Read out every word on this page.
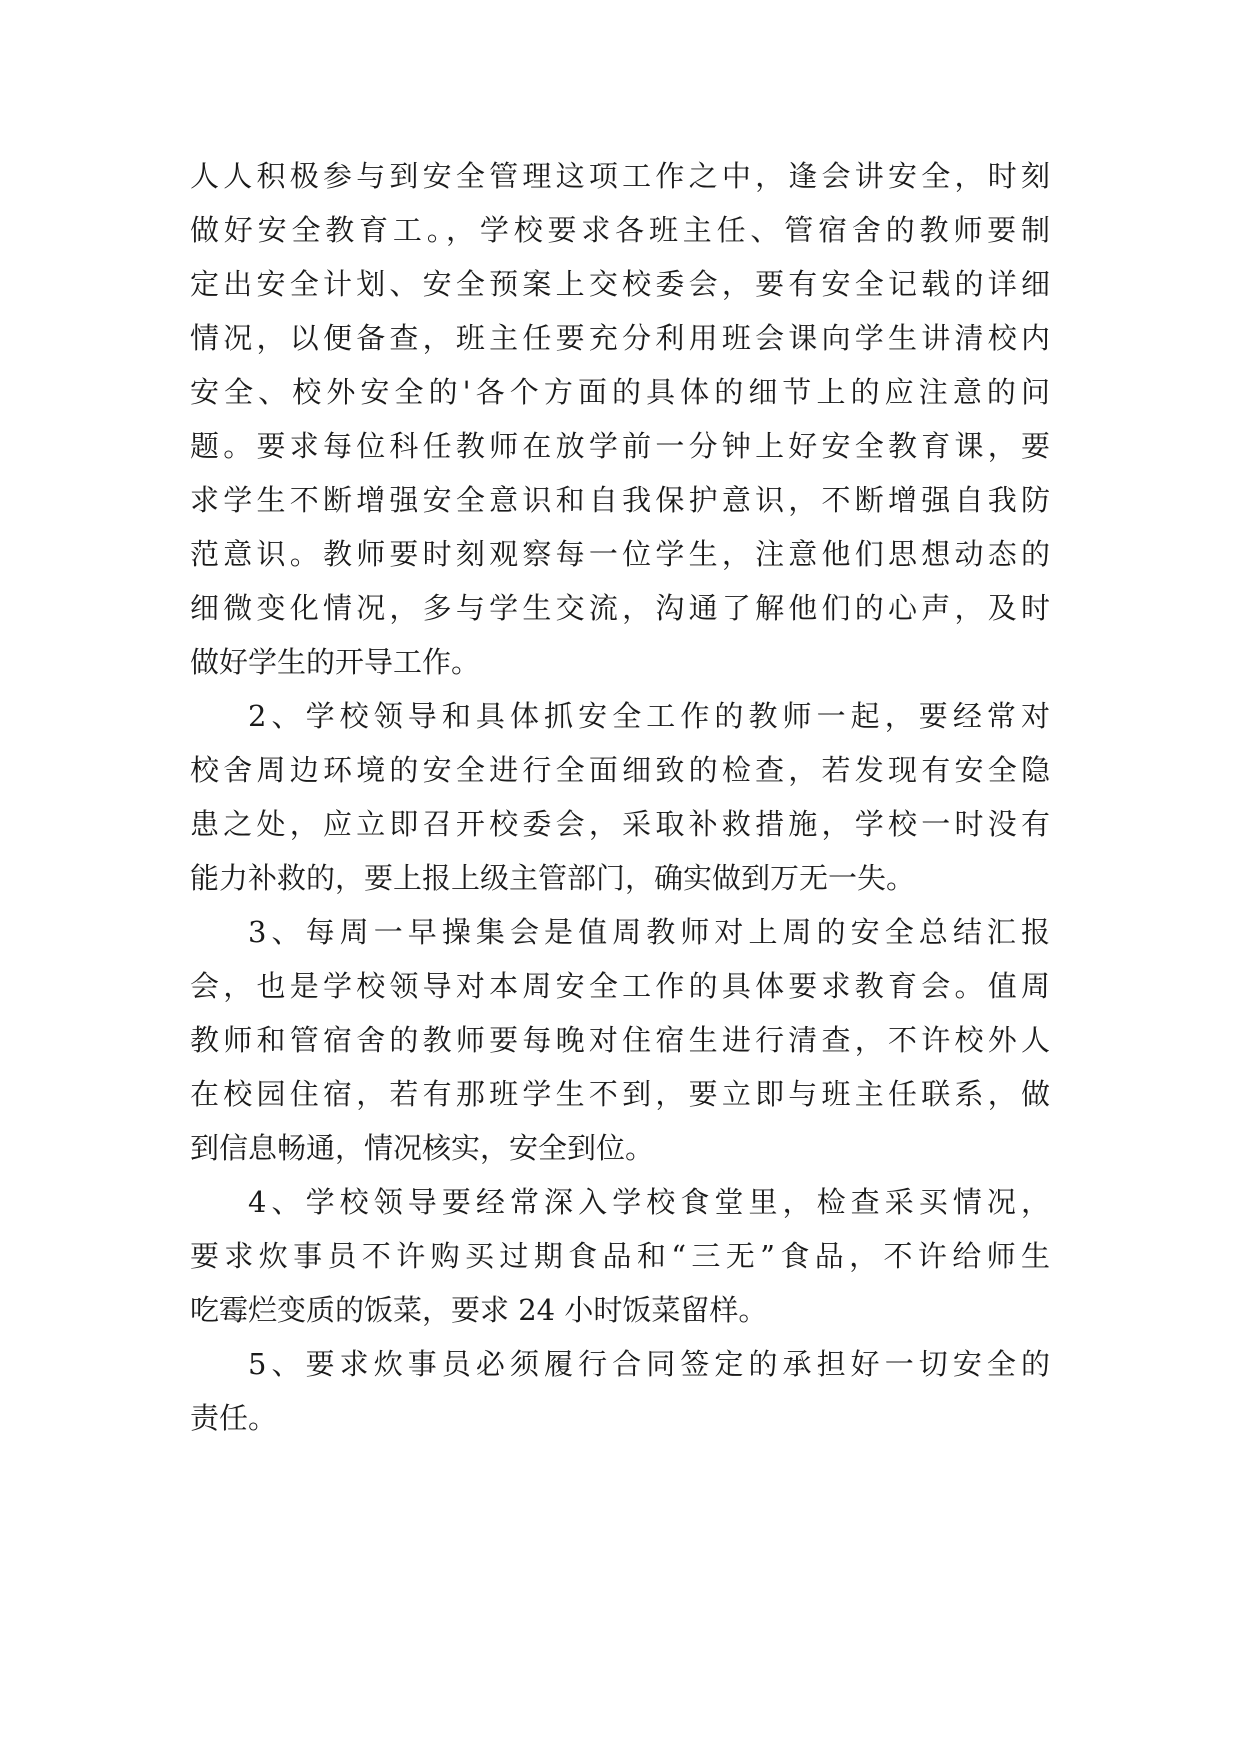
人人积极参与到安全管理这项工作之中，逢会讲安全，时刻
做好安全教育工。，学校要求各班主任、管宿舍的教师要制
定出安全计划、安全预案上交校委会，要有安全记载的详细
情况，以便备查，班主任要充分利用班会课向学生讲清校内
安全、校外安全的'各个方面的具体的细节上的应注意的问
题。要求每位科任教师在放学前一分钟上好安全教育课，要
求学生不断增强安全意识和自我保护意识，不断增强自我防
范意识。教师要时刻观察每一位学生，注意他们思想动态的
细微变化情况，多与学生交流，沟通了解他们的心声，及时
做好学生的开导工作。
2、学校领导和具体抓安全工作的教师一起，要经常对
校舍周边环境的安全进行全面细致的检查，若发现有安全隐
患之处，应立即召开校委会，采取补救措施，学校一时没有
能力补救的，要上报上级主管部门，确实做到万无一失。
3、每周一早操集会是值周教师对上周的安全总结汇报
会，也是学校领导对本周安全工作的具体要求教育会。值周
教师和管宿舍的教师要每晚对住宿生进行清查，不许校外人
在校园住宿，若有那班学生不到，要立即与班主任联系，做
到信息畅通，情况核实，安全到位。
4、学校领导要经常深入学校食堂里，检查采买情况，
要求炊事员不许购买过期食品和“三无”食品，不许给师生
吃霉烂变质的饭菜，要求 24 小时饭菜留样。
5、要求炊事员必须履行合同签定的承担好一切安全的
责任。
